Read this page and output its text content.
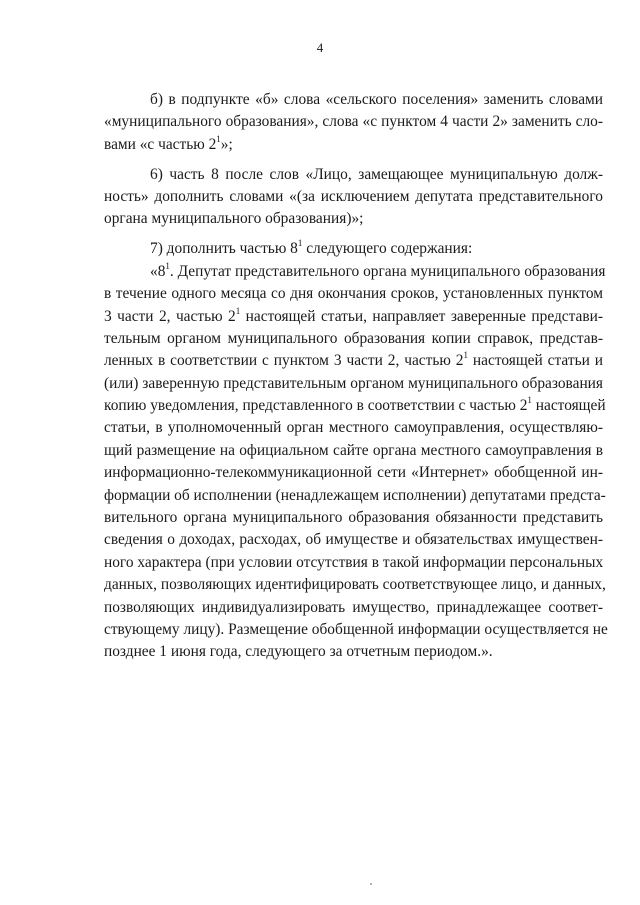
4
б) в подпункте «б» слова «сельского поселения» заменить словами
«муниципального образования», слова «с пунктом 4 части 2» заменить сло-
вами «с частью $2^1$»;
6) часть 8 после слов «Лицо, замещающее муниципальную долж-
ность» дополнить словами «(за исключением депутата представительного
органа муниципального образования)»;
7) дополнить частью $8^1$ следующего содержания:
«$8^1$. Депутат представительного органа муниципального образования
в течение одного месяца со дня окончания сроков, установленных пунктом
3 части 2, частью $2^1$ настоящей статьи, направляет заверенные представи-
тельным органом муниципального образования копии справок, представ-
ленных в соответствии с пунктом 3 части 2, частью $2^1$ настоящей статьи и
(или) заверенную представительным органом муниципального образования
копию уведомления, представленного в соответствии с частью $2^1$ настоящей
статьи, в уполномоченный орган местного самоуправления, осуществляю-
щий размещение на официальном сайте органа местного самоуправления в
информационно-телекоммуникационной сети «Интернет» обобщенной ин-
формации об исполнении (ненадлежащем исполнении) депутатами предста-
вительного органа муниципального образования обязанности представить
сведения о доходах, расходах, об имуществе и обязательствах имуществен-
ного характера (при условии отсутствия в такой информации персональных
данных, позволяющих идентифицировать соответствующее лицо, и данных,
позволяющих индивидуализировать имущество, принадлежащее соответ-
ствующему лицу). Размещение обобщенной информации осуществляется не
позднее 1 июня года, следующего за отчетным периодом.».
